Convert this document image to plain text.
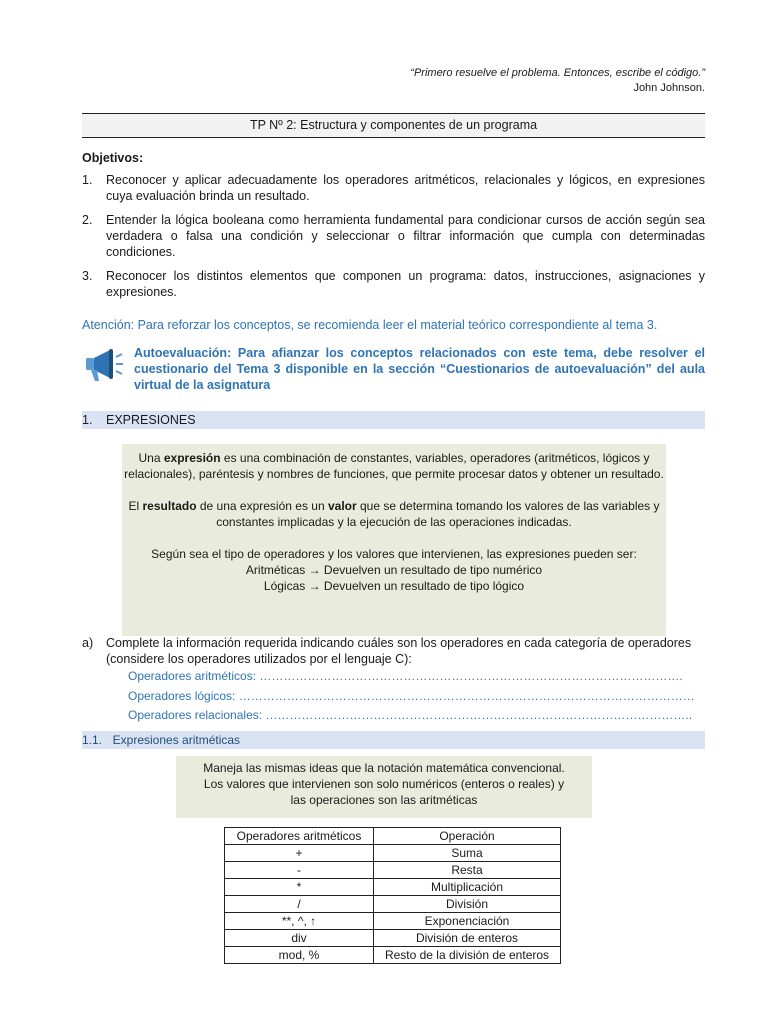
“Primero resuelve el problema. Entonces, escribe el código.”
John Johnson.
TP Nº 2: Estructura y componentes de un programa
Objetivos:
1.	Reconocer y aplicar adecuadamente los operadores aritméticos, relacionales y lógicos, en expresiones cuya evaluación brinda un resultado.
2.	Entender la lógica booleana como herramienta fundamental para condicionar cursos de acción según sea verdadera o falsa una condición y seleccionar o filtrar información que cumpla con determinadas condiciones.
3.	Reconocer los distintos elementos que componen un programa: datos, instrucciones, asignaciones y expresiones.
Atención: Para reforzar los conceptos, se recomienda leer el material teórico correspondiente al tema 3.
Autoevaluación: Para afianzar los conceptos relacionados con este tema, debe resolver el cuestionario del Tema 3 disponible en la sección “Cuestionarios de autoevaluación” del aula virtual de la asignatura
1. EXPRESIONES

Una expresión es una combinación de constantes, variables, operadores (aritméticos, lógicos y relacionales), paréntesis y nombres de funciones, que permite procesar datos y obtener un resultado.

El resultado de una expresión es un valor que se determina tomando los valores de las variables y constantes implicadas y la ejecución de las operaciones indicadas.

Según sea el tipo de operadores y los valores que intervienen, las expresiones pueden ser:
Aritméticas → Devuelven un resultado de tipo numérico
Lógicas → Devuelven un resultado de tipo lógico

a)	Complete la información requerida indicando cuáles son los operadores en cada categoría de operadores (considere los operadores utilizados por el lenguaje C):
Operadores aritméticos: …………………………………………………………………………………………….
Operadores lógicos: ……………………………………………………………………………………………………
Operadores relacionales: ……………………………………………………………………………………………..
1.1. Expresiones aritméticas
Maneja las mismas ideas que la notación matemática convencional.
Los valores que intervienen son solo numéricos (enteros o reales) y
las operaciones son las aritméticas
Operadores aritméticos	Operación
+	Suma
-	Resta
*	Multiplicación
/	División
**, ^, ↑	Exponenciación
div	División de enteros
mod, %	Resto de la división de enteros
